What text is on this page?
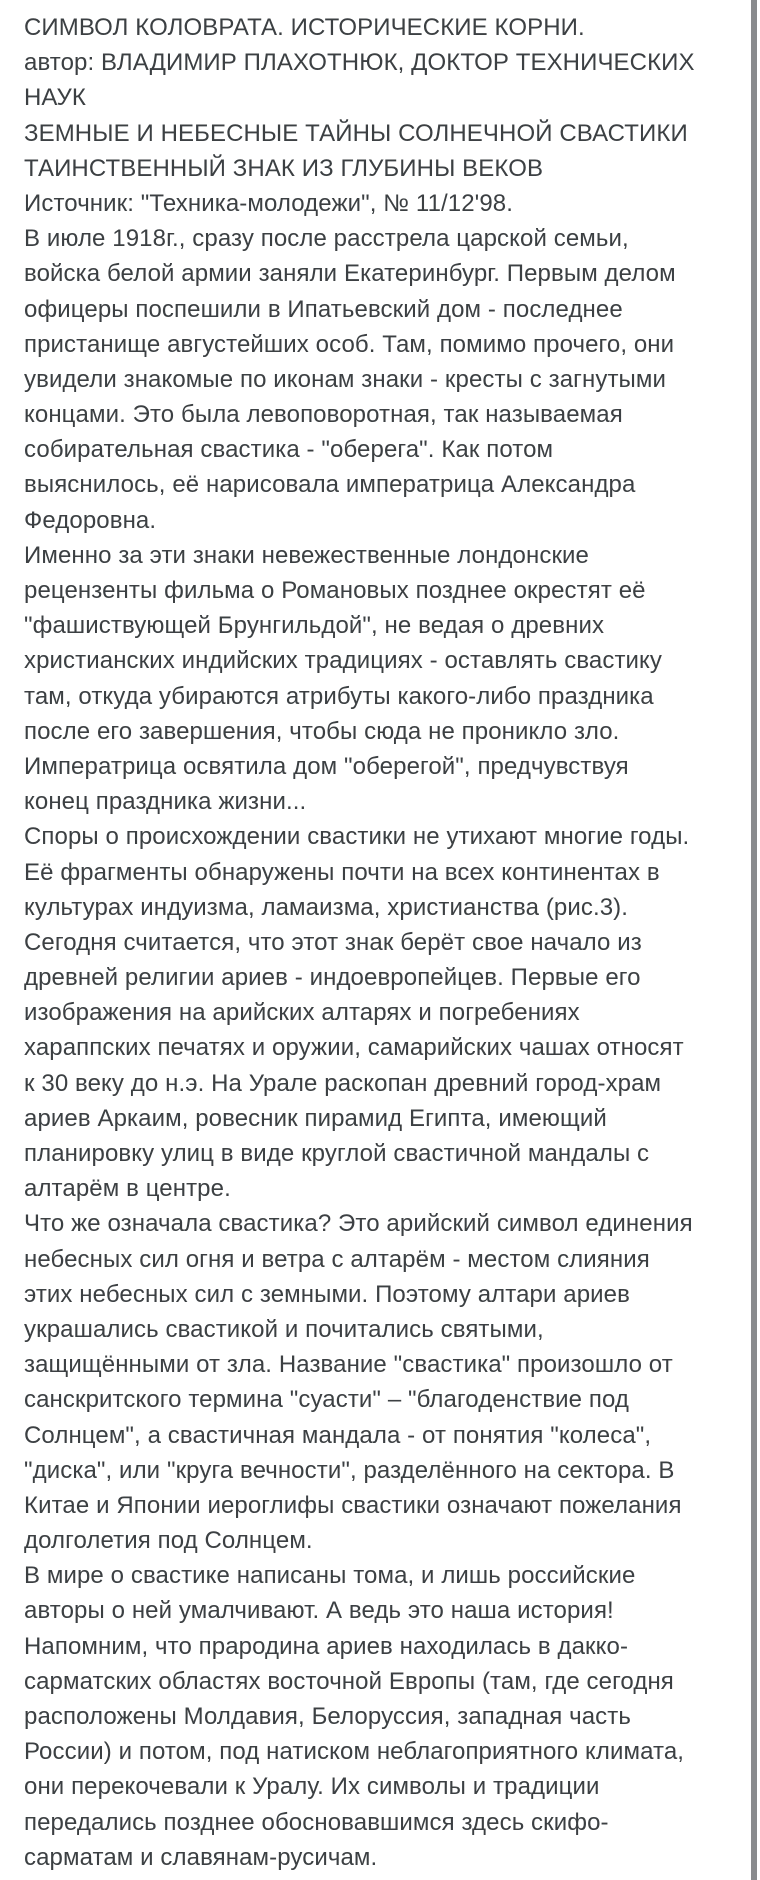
СИМВОЛ КОЛОВРАТА. ИСТОРИЧЕСКИЕ КОРНИ.
автор: ВЛАДИМИР ПЛАХОТНЮК, ДОКТОР ТЕХНИЧЕСКИХ
НАУК
ЗЕМНЫЕ И НЕБЕСНЫЕ ТАЙНЫ СОЛНЕЧНОЙ СВАСТИКИ
ТАИНСТВЕННЫЙ ЗНАК ИЗ ГЛУБИНЫ ВЕКОВ
Источник: "Техника-молодежи", № 11/12'98.
В июле 1918г., сразу после расстрела царской семьи,
войска белой армии заняли Екатеринбург. Первым делом
офицеры поспешили в Ипатьевский дом - последнее
пристанище августейших особ. Там, помимо прочего, они
увидели знакомые по иконам знаки - кресты с загнутыми
концами. Это была левоповоротная, так называемая
собирательная свастика - "оберега". Как потом
выяснилось, её нарисовала императрица Александра
Федоровна.
Именно за эти знаки невежественные лондонские
рецензенты фильма о Романовых позднее окрестят её
"фашиствующей Брунгильдой", не ведая о древних
христианских индийских традициях - оставлять свастику
там, откуда убираются атрибуты какого-либо праздника
после его завершения, чтобы сюда не проникло зло.
Императрица освятила дом "оберегой", предчувствуя
конец праздника жизни...
Споры о происхождении свастики не утихают многие годы.
Её фрагменты обнаружены почти на всех континентах в
культурах индуизма, ламаизма, христианства (рис.3).
Сегодня считается, что этот знак берёт свое начало из
древней религии ариев - индоевропейцев. Первые его
изображения на арийских алтарях и погребениях
хараппских печатях и оружии, самарийских чашах относят
к 30 веку до н.э. На Урале раскопан древний город-храм
ариев Аркаим, ровесник пирамид Египта, имеющий
планировку улиц в виде круглой свастичной мандалы с
алтарём в центре.
Что же означала свастика? Это арийский символ единения
небесных сил огня и ветра с алтарём - местом слияния
этих небесных сил с земными. Поэтому алтари ариев
украшались свастикой и почитались святыми,
защищёнными от зла. Название "свастика" произошло от
санскритского термина "суасти" – "благоденствие под
Солнцем", а свастичная мандала - от понятия "колеса",
"диска", или "круга вечности", разделённого на сектора. В
Китае и Японии иероглифы свастики означают пожелания
долголетия под Солнцем.
В мире о свастике написаны тома, и лишь российские
авторы о ней умалчивают. А ведь это наша история!
Напомним, что прародина ариев находилась в дакко-
сарматских областях восточной Европы (там, где сегодня
расположены Молдавия, Белоруссия, западная часть
России) и потом, под натиском неблагоприятного климата,
они перекочевали к Уралу. Их символы и традиции
передались позднее обосновавшимся здесь скифо-
сарматам и славянам-русичам.
